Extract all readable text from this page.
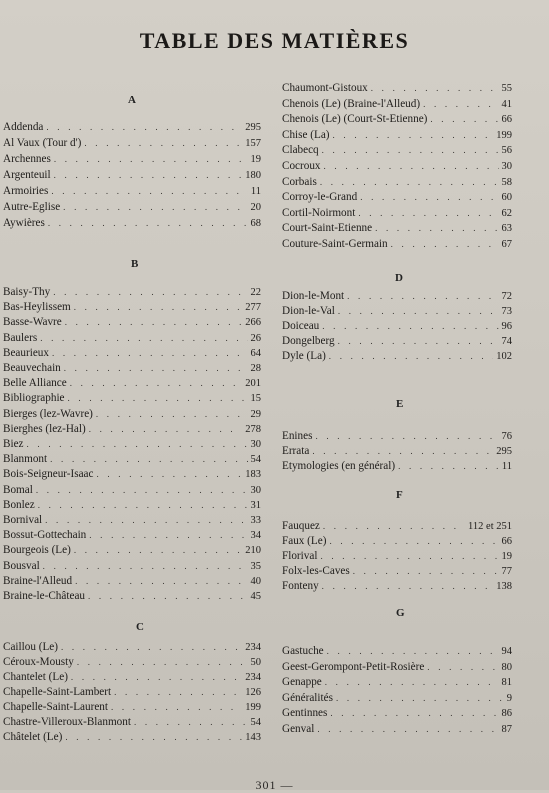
TABLE DES MATIÈRES
A
Addenda . . .	295
Al Vaux (Tour d') . . .	157
Archennes . . .	19
Argenteuil . . .	180
Armoiries . . .	11
Autre-Eglise . . .	20
Aywières . . .	68
B
Baisy-Thy . . .	22
Bas-Heylissem . . .	277
Basse-Wavre . . .	266
Baulers . . .	26
Beaurieux . . .	64
Beauvechain . . .	28
Belle Alliance . . .	201
Bibliographie . . .	15
Bierges (lez-Wavre) . . .	29
Bierghes (lez-Hal) . . .	278
Biez . . .	30
Blanmont . . .	54
Bois-Seigneur-Isaac . . .	183
Bomal . . .	30
Bonlez . . .	31
Bornival . . .	33
Bossut-Gottechain . . .	34
Bourgeois (Le) . . .	210
Bousval . . .	35
Braine-l'Alleud . . .	40
Braine-le-Château . . .	45
C
Caillou (Le) . . .	234
Céroux-Mousty . . .	50
Chantelet (Le) . . .	234
Chapelle-Saint-Lambert . . .	126
Chapelle-Saint-Laurent . . .	199
Chastre-Villeroux-Blanmont . . .	54
Châtelet (Le) . . .	143
Chaumont-Gistoux . . .	55
Chenois (Le) (Braine-l'Alleud) . . .	41
Chenois (Le) (Court-St-Etienne) . . .	66
Chise (La) . . .	199
Clabecq . . .	56
Cocroux . . .	30
Corbais . . .	58
Corroy-le-Grand . . .	60
Cortil-Noirmont . . .	62
Court-Saint-Etienne . . .	63
Couture-Saint-Germain . . .	67
D
Dion-le-Mont . . .	72
Dion-le-Val . . .	73
Doiceau . . .	96
Dongelberg . . .	74
Dyle (La) . . .	102
E
Enines . . .	76
Errata . . .	295
Etymologies (en général) . . .	11
F
Fauquez . . .	112 et 251
Faux (Le) . . .	66
Florival . . .	19
Folx-les-Caves . . .	77
Fonteny . . .	138
G
Gastuche . . .	94
Geest-Gerompont-Petit-Rosière . . .	80
Genappe . . .	81
Généralités . . .	9
Gentinnes . . .	86
Genval . . .	87
301 —
